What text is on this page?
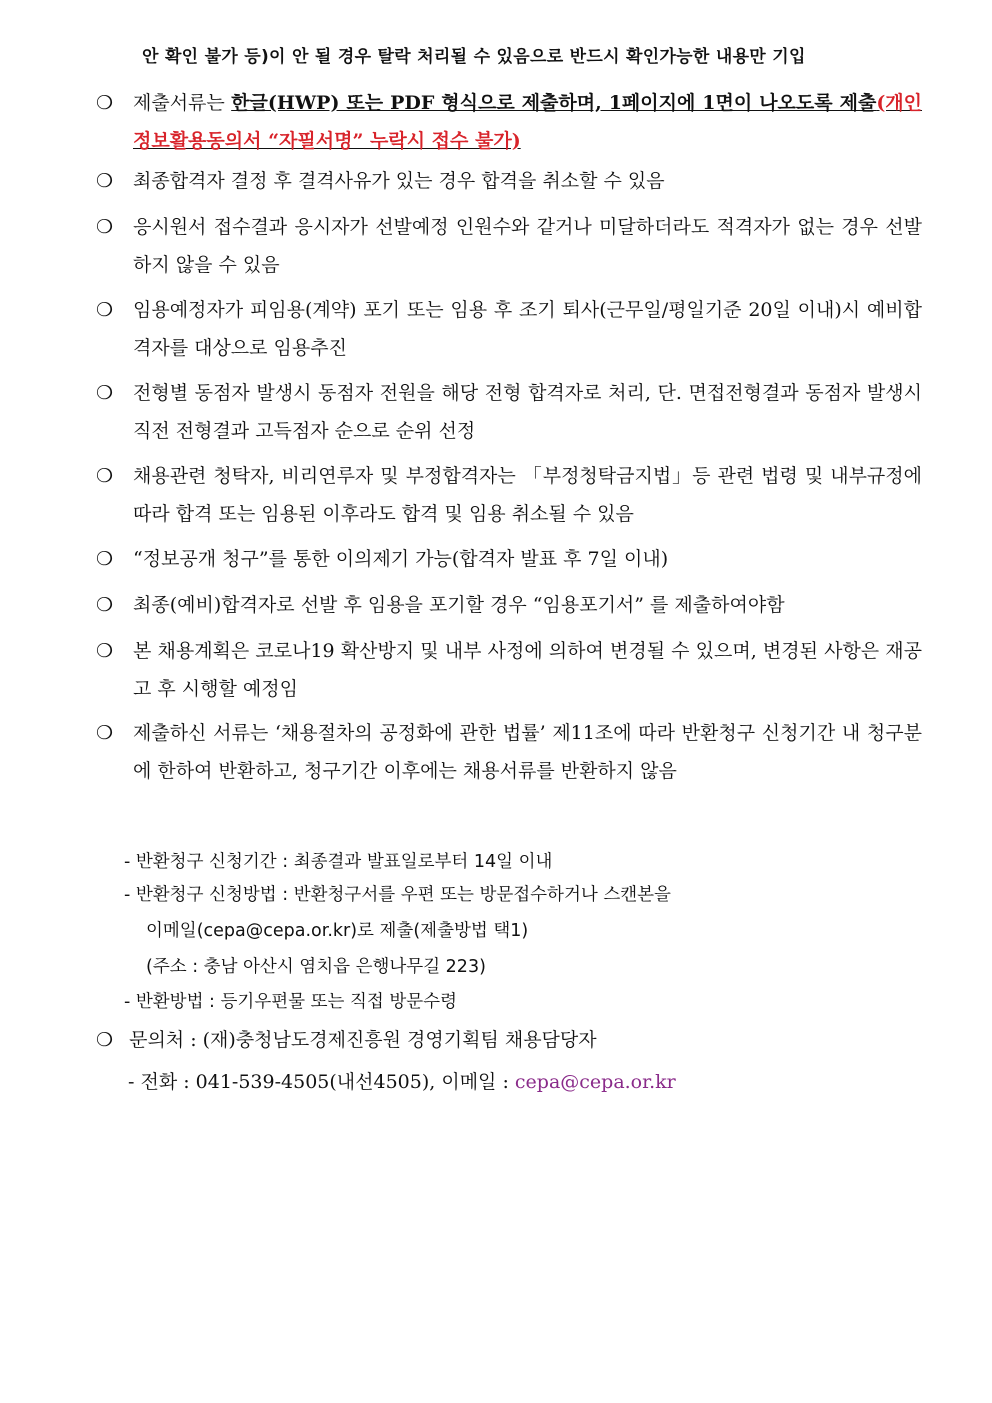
안 확인 불가 등)이 안 될 경우 탈락 처리될 수 있음으로 반드시 확인가능한 내용만 기입
❍	제출서류는 한글(HWP) 또는 PDF 형식으로 제출하며, 1페이지에 1면이 나오도록 제출(개인정보활용동의서 “자필서명” 누락시 접수 불가)
❍	최종합격자 결정 후 결격사유가 있는 경우 합격을 취소할 수 있음
❍	응시원서 접수결과 응시자가 선발예정 인원수와 같거나 미달하더라도 적격자가 없는 경우 선발하지 않을 수 있음
❍	임용예정자가 피임용(계약) 포기 또는 임용 후 조기 퇴사(근무일/평일기준 20일 이내)시 예비합격자를 대상으로 임용추진
❍	전형별 동점자 발생시 동점자 전원을 해당 전형 합격자로 처리, 단. 면접전형결과 동점자 발생시 직전 전형결과 고득점자 순으로 순위 선정
❍	채용관련 청탁자, 비리연루자 및 부정합격자는 「부정청탁금지법」등 관련 법령 및 내부규정에 따라 합격 또는 임용된 이후라도 합격 및 임용 취소될 수 있음
❍	“정보공개 청구”를 통한 이의제기 가능(합격자 발표 후 7일 이내)
❍	최종(예비)합격자로 선발 후 임용을 포기할 경우 “임용포기서” 를 제출하여야함
❍	본 채용계획은 코로나19 확산방지 및 내부 사정에 의하여 변경될 수 있으며, 변경된 사항은 재공고 후 시행할 예정임
❍	제출하신 서류는 ‘채용절차의 공정화에 관한 법률’ 제11조에 따라 반환청구 신청기간 내 청구분에 한하여 반환하고, 청구기간 이후에는 채용서류를 반환하지 않음
- 반환청구 신청기간 : 최종결과 발표일로부터 14일 이내
- 반환청구 신청방법 : 반환청구서를 우편 또는 방문접수하거나 스캔본을
이메일(cepa@cepa.or.kr)로 제출(제출방법 택1)
(주소 : 충남 아산시 염치읍 은행나무길 223)
- 반환방법 : 등기우편물 또는 직접 방문수령
❍ 문의처 : (재)충청남도경제진흥원 경영기획팀 채용담당자
- 전화 : 041-539-4505(내선4505), 이메일 : cepa@cepa.or.kr
